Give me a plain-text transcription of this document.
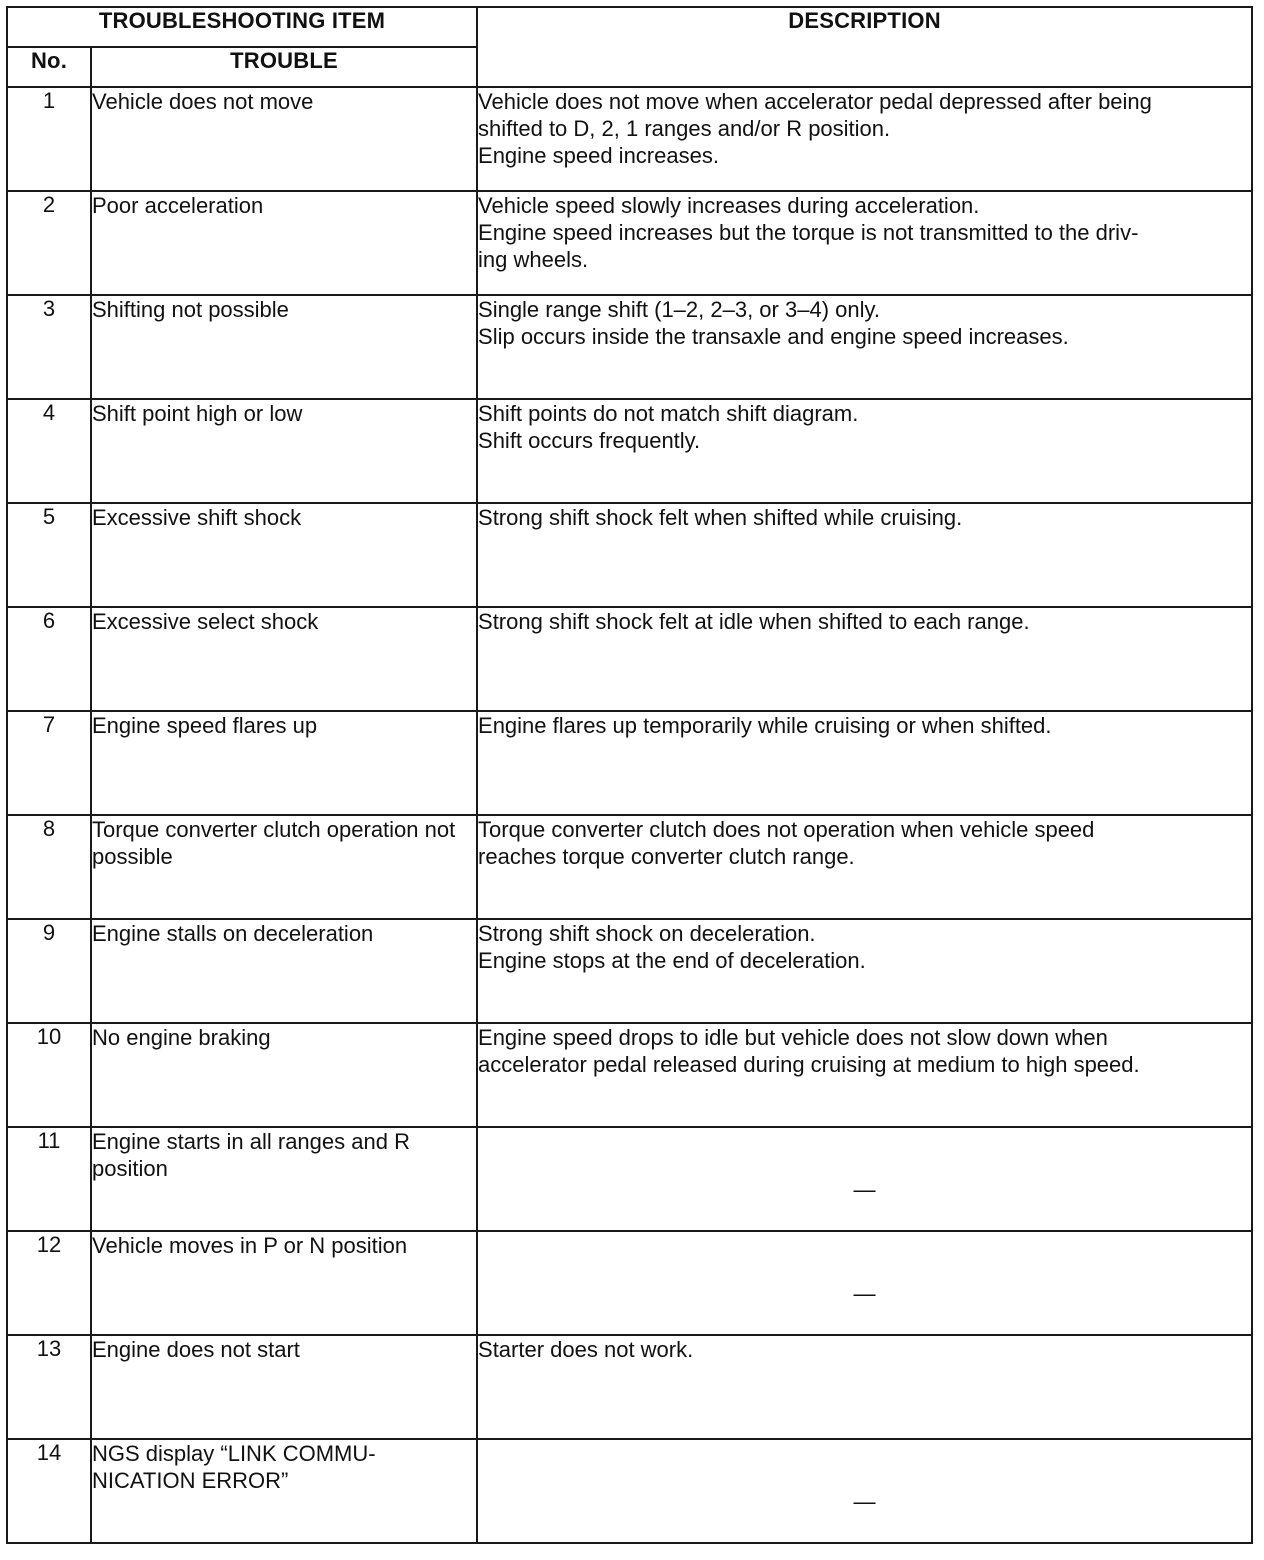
TROUBLESHOOTING ITEM		DESCRIPTION
No.	TROUBLE	
1	Vehicle does not move	Vehicle does not move when accelerator pedal depressed after being
shifted to D, 2, 1 ranges and/or R position.
Engine speed increases.

2	Poor acceleration	Vehicle speed slowly increases during acceleration.
Engine speed increases but the torque is not transmitted to the driv-
ing wheels.

3	Shifting not possible	Single range shift (1–2, 2–3, or 3–4) only.
Slip occurs inside the transaxle and engine speed increases.

4	Shift point high or low	Shift points do not match shift diagram.
Shift occurs frequently.

5	Excessive shift shock	Strong shift shock felt when shifted while cruising.

6	Excessive select shock	Strong shift shock felt at idle when shifted to each range.

7	Engine speed flares up	Engine flares up temporarily while cruising or when shifted.

8	Torque converter clutch operation not possible	Torque converter clutch does not operation when vehicle speed
reaches torque converter clutch range.

9	Engine stalls on deceleration	Strong shift shock on deceleration.
Engine stops at the end of deceleration.

10	No engine braking	Engine speed drops to idle but vehicle does not slow down when
accelerator pedal released during cruising at medium to high speed.

11	Engine starts in all ranges and R position	—
12	Vehicle moves in P or N position	—
13	Engine does not start	Starter does not work.

14	NGS display “LINK COMMU-NICATION ERROR”	—
